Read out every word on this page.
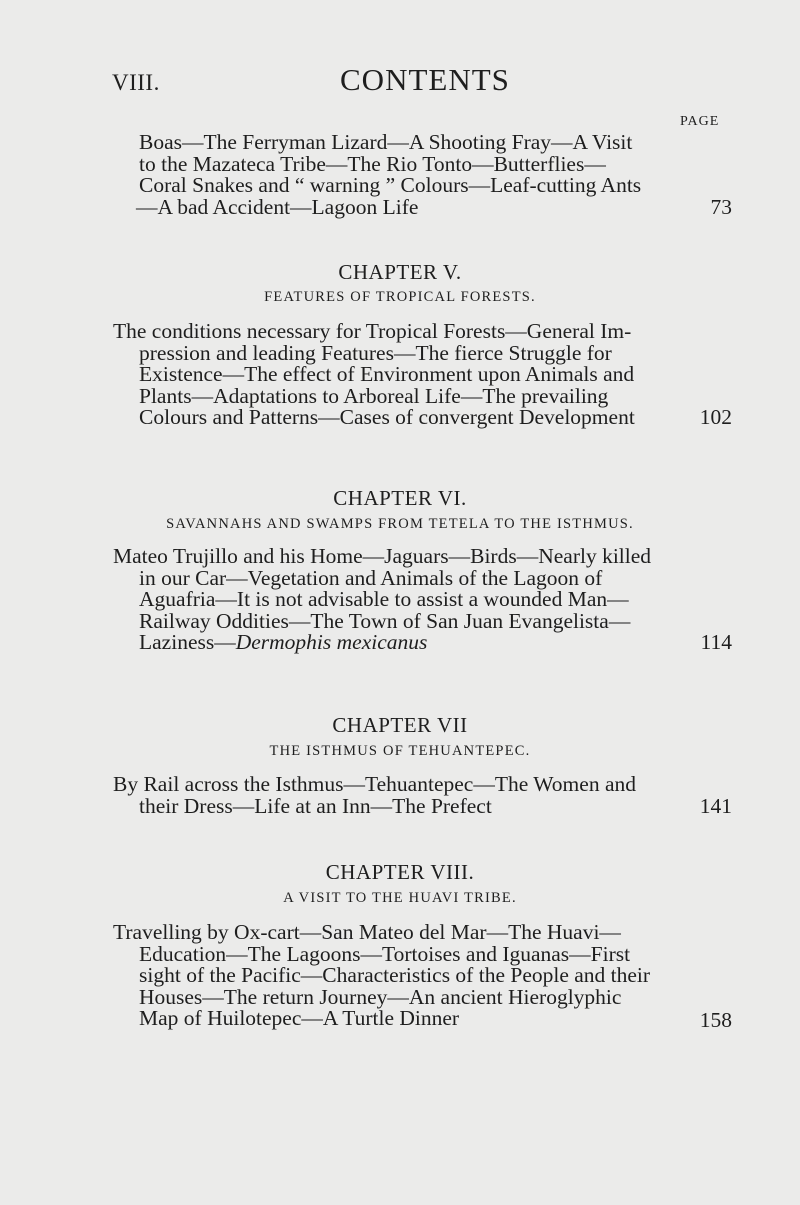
VIII.	CONTENTS
PAGE
Boas—The Ferryman Lizard—A Shooting Fray—A Visit
to the Mazateca Tribe—The Rio Tonto—Butterflies—
Coral Snakes and “ warning ” Colours—Leaf-cutting Ants
—A bad Accident—Lagoon Life	73
CHAPTER V.
FEATURES OF TROPICAL FORESTS.
The conditions necessary for Tropical Forests—General Im-
pression and leading Features—The fierce Struggle for
Existence—The effect of Environment upon Animals and
Plants—Adaptations to Arboreal Life—The prevailing
Colours and Patterns—Cases of convergent Development	102
CHAPTER VI.
SAVANNAHS AND SWAMPS FROM TETELA TO THE ISTHMUS.
Mateo Trujillo and his Home—Jaguars—Birds—Nearly killed
in our Car—Vegetation and Animals of the Lagoon of
Aguafria—It is not advisable to assist a wounded Man—
Railway Oddities—The Town of San Juan Evangelista—
Laziness—Dermophis mexicanus	114
CHAPTER VII
THE ISTHMUS OF TEHUANTEPEC.
By Rail across the Isthmus—Tehuantepec—The Women and
their Dress—Life at an Inn—The Prefect	141
CHAPTER VIII.
A VISIT TO THE HUAVI TRIBE.
Travelling by Ox-cart—San Mateo del Mar—The Huavi—
Education—The Lagoons—Tortoises and Iguanas—First
sight of the Pacific—Characteristics of the People and their
Houses—The return Journey—An ancient Hieroglyphic
Map of Huilotepec—A Turtle Dinner	158
